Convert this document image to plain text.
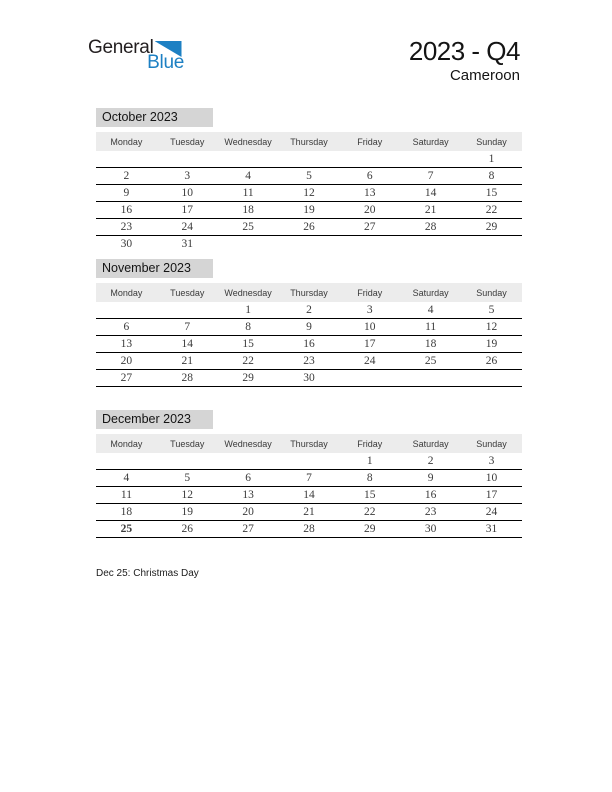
General
Blue	2023 - Q4
Cameroon
October 2023
Monday	Tuesday	Wednesday	Thursday	Friday	Saturday	Sunday
						1
2	3	4	5	6	7	8
9	10	11	12	13	14	15
16	17	18	19	20	21	22
23	24	25	26	27	28	29
30	31					
November 2023
Monday	Tuesday	Wednesday	Thursday	Friday	Saturday	Sunday
		1	2	3	4	5
6	7	8	9	10	11	12
13	14	15	16	17	18	19
20	21	22	23	24	25	26
27	28	29	30			
December 2023
Monday	Tuesday	Wednesday	Thursday	Friday	Saturday	Sunday
				1	2	3
4	5	6	7	8	9	10
11	12	13	14	15	16	17
18	19	20	21	22	23	24
25	26	27	28	29	30	31
Dec 25: Christmas Day
